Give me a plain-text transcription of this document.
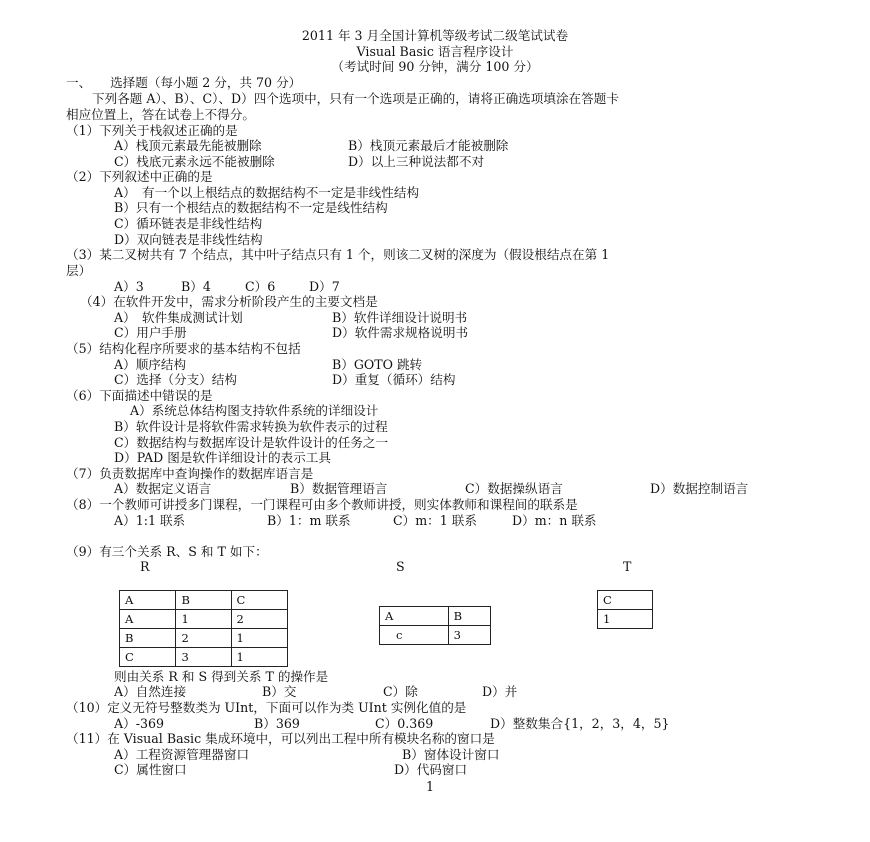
2011 年 3 月全国计算机等级考试二级笔试试卷
Visual Basic 语言程序设计
（考试时间 90 分钟，满分 100 分）
一、　　选择题（每小题 2 分，共 70 分）
下列各题 A）、B）、C）、D）四个选项中，只有一个选项是正确的，请将正确选项填涂在答题卡
相应位置上，答在试卷上不得分。
（1）下列关于栈叙述正确的是
A）栈顶元素最先能被删除	B）栈顶元素最后才能被删除
C）栈底元素永远不能被删除	D）以上三种说法都不对
（2）下列叙述中正确的是
A）　有一个以上根结点的数据结构不一定是非线性结构
B）只有一个根结点的数据结构不一定是线性结构
C）循环链表是非线性结构
D）双向链表是非线性结构
（3）某二叉树共有 7 个结点，其中叶子结点只有 1 个，则该二叉树的深度为（假设根结点在第 1
层）
A）3	B）4	C）6	D）7
（4）在软件开发中，需求分析阶段产生的主要文档是
A）　软件集成测试计划	B）软件详细设计说明书
C）用户手册	D）软件需求规格说明书
（5）结构化程序所要求的基本结构不包括
A）顺序结构	B）GOTO 跳转
C）选择（分支）结构	D）重复（循环）结构
（6）下面描述中错误的是
A）系统总体结构图支持软件系统的详细设计
B）软件设计是将软件需求转换为软件表示的过程
C）数据结构与数据库设计是软件设计的任务之一
D）PAD 图是软件详细设计的表示工具
（7）负责数据库中查询操作的数据库语言是
A）数据定义语言	B）数据管理语言	C）数据操纵语言	D）数据控制语言
（8）一个教师可讲授多门课程，一门课程可由多个教师讲授，则实体教师和课程间的联系是
A）1:1 联系	B）1：m 联系	C）m：1 联系	D）m：n 联系
（9）有三个关系 R、S 和 T 如下：
R	S	T
A	B	C
A	1	2
B	2	1
C	3	1
A	B
c	3
C
1
则由关系 R 和 S 得到关系 T 的操作是
A）自然连接	B）交	C）除	D）并
（10）定义无符号整数类为 UInt，下面可以作为类 UInt 实例化值的是
A）-369	B）369	C）0.369	D）整数集合{1，2，3，4，5}
（11）在 Visual Basic 集成环境中，可以列出工程中所有模块名称的窗口是
A）工程资源管理器窗口	B）窗体设计窗口
C）属性窗口	D）代码窗口
1
